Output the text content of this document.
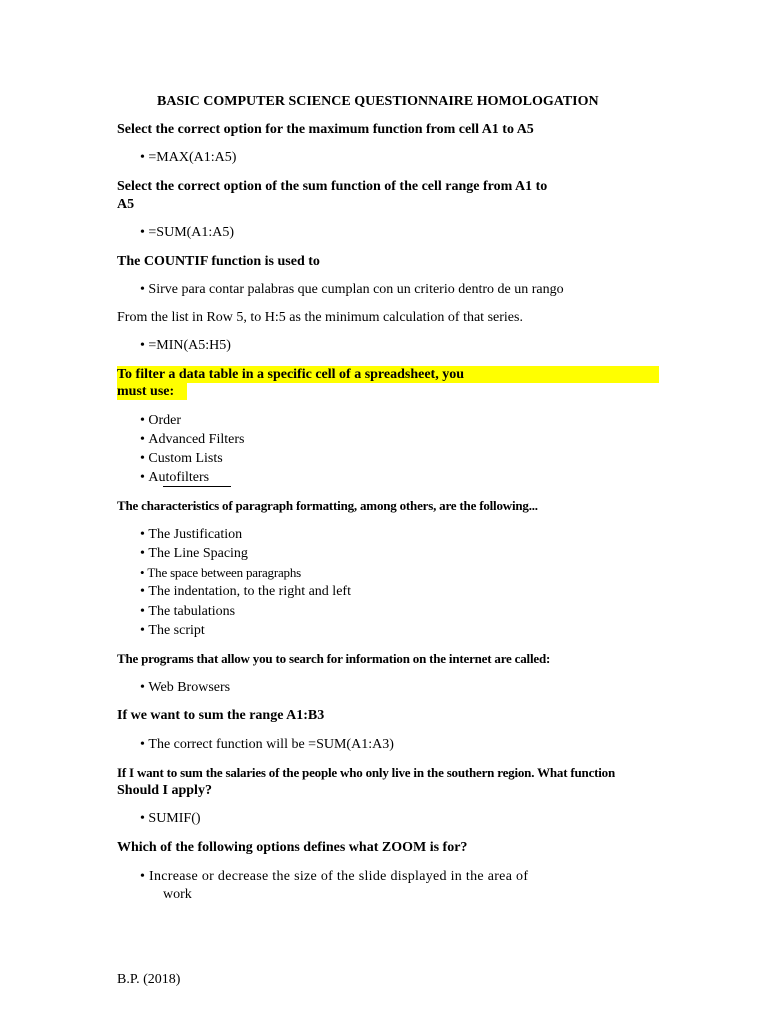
BASIC COMPUTER SCIENCE QUESTIONNAIRE HOMOLOGATION
Select the correct option for the maximum function from cell A1 to A5
• =MAX(A1:A5)
Select the correct option of the sum function of the cell range from A1 to
A5
• =SUM(A1:A5)
The COUNTIF function is used to
• Sirve para contar palabras que cumplan con un criterio dentro de un rango
From the list in Row 5, to H:5 as the minimum calculation of that series.
• =MIN(A5:H5)
To filter a data table in a specific cell of a spreadsheet, you
must use:
• Order
• Advanced Filters
• Custom Lists
• Autofilters
The characteristics of paragraph formatting, among others, are the following...
• The Justification
• The Line Spacing
• The space between paragraphs
• The indentation, to the right and left
• The tabulations
• The script
The programs that allow you to search for information on the internet are called:
• Web Browsers
If we want to sum the range A1:B3
• The correct function will be =SUM(A1:A3)
If I want to sum the salaries of the people who only live in the southern region. What function
Should I apply?
• SUMIF()
Which of the following options defines what ZOOM is for?
• Increase or decrease the size of the slide displayed in the area of
work
B.P. (2018)
